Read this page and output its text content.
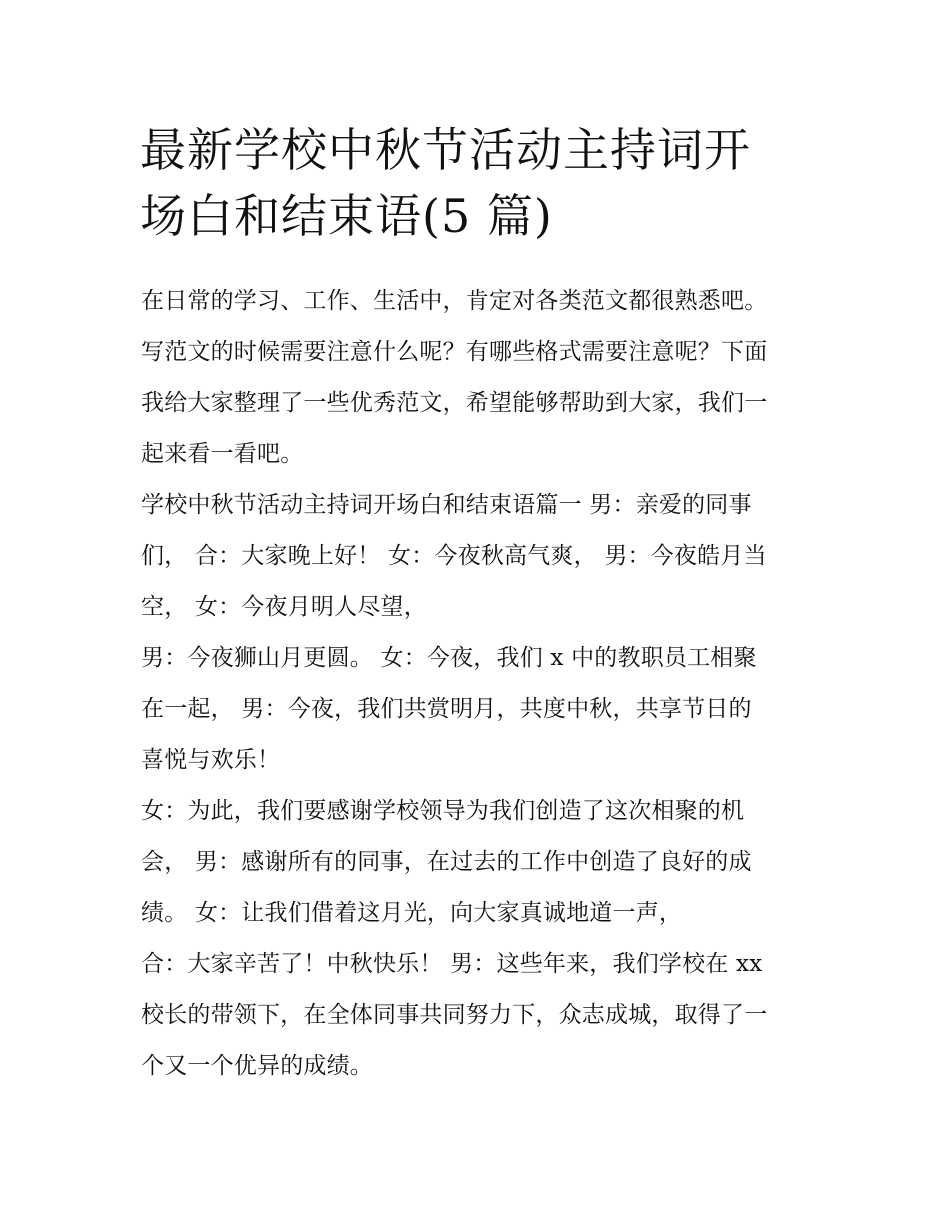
最新学校中秋节活动主持词开
场白和结束语(5 篇)
在日常的学习、工作、生活中，肯定对各类范文都很熟悉吧。
写范文的时候需要注意什么呢？有哪些格式需要注意呢？下面
我给大家整理了一些优秀范文，希望能够帮助到大家，我们一
起来看一看吧。
学校中秋节活动主持词开场白和结束语篇一 男：亲爱的同事
们， 合：大家晚上好！ 女：今夜秋高气爽， 男：今夜皓月当
空， 女：今夜月明人尽望，
男：今夜狮山月更圆。 女：今夜，我们 x 中的教职员工相聚
在一起， 男：今夜，我们共赏明月，共度中秋，共享节日的
喜悦与欢乐！
女：为此，我们要感谢学校领导为我们创造了这次相聚的机
会， 男：感谢所有的同事，在过去的工作中创造了良好的成
绩。 女：让我们借着这月光，向大家真诚地道一声，
合：大家辛苦了！中秋快乐！ 男：这些年来，我们学校在 xx
校长的带领下，在全体同事共同努力下，众志成城，取得了一
个又一个优异的成绩。
